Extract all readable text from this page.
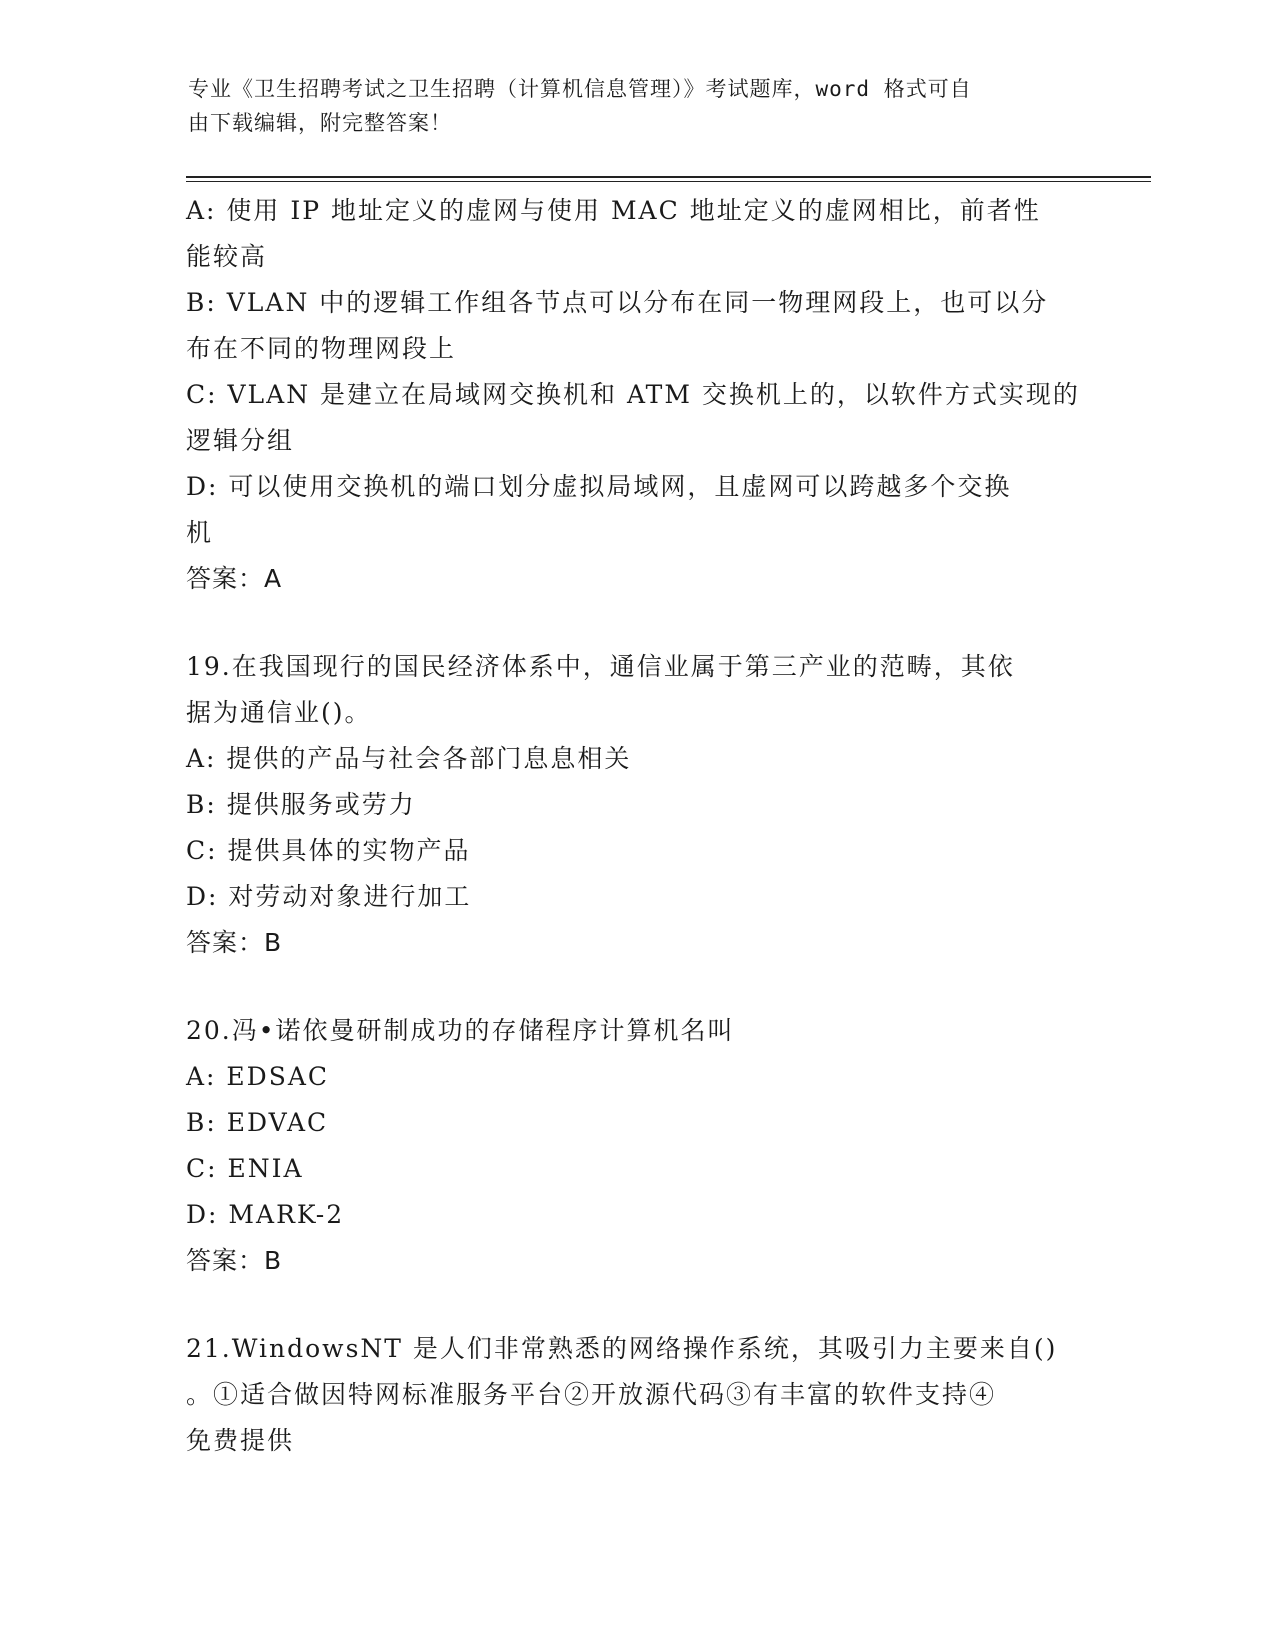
专业《卫生招聘考试之卫生招聘（计算机信息管理）》考试题库，word 格式可自
由下载编辑，附完整答案！
A: 使用 IP 地址定义的虚网与使用 MAC 地址定义的虚网相比，前者性
能较高
B: VLAN 中的逻辑工作组各节点可以分布在同一物理网段上，也可以分
布在不同的物理网段上
C: VLAN 是建立在局域网交换机和 ATM 交换机上的，以软件方式实现的
逻辑分组
D: 可以使用交换机的端口划分虚拟局域网，且虚网可以跨越多个交换
机
答案：A
19.在我国现行的国民经济体系中，通信业属于第三产业的范畴，其依
据为通信业()。
A: 提供的产品与社会各部门息息相关
B: 提供服务或劳力
C: 提供具体的实物产品
D: 对劳动对象进行加工
答案：B
20.冯•诺依曼研制成功的存储程序计算机名叫
A: EDSAC
B: EDVAC
C: ENIA
D: MARK-2
答案：B
21.WindowsNT 是人们非常熟悉的网络操作系统，其吸引力主要来自()
。①适合做因特网标准服务平台②开放源代码③有丰富的软件支持④
免费提供
